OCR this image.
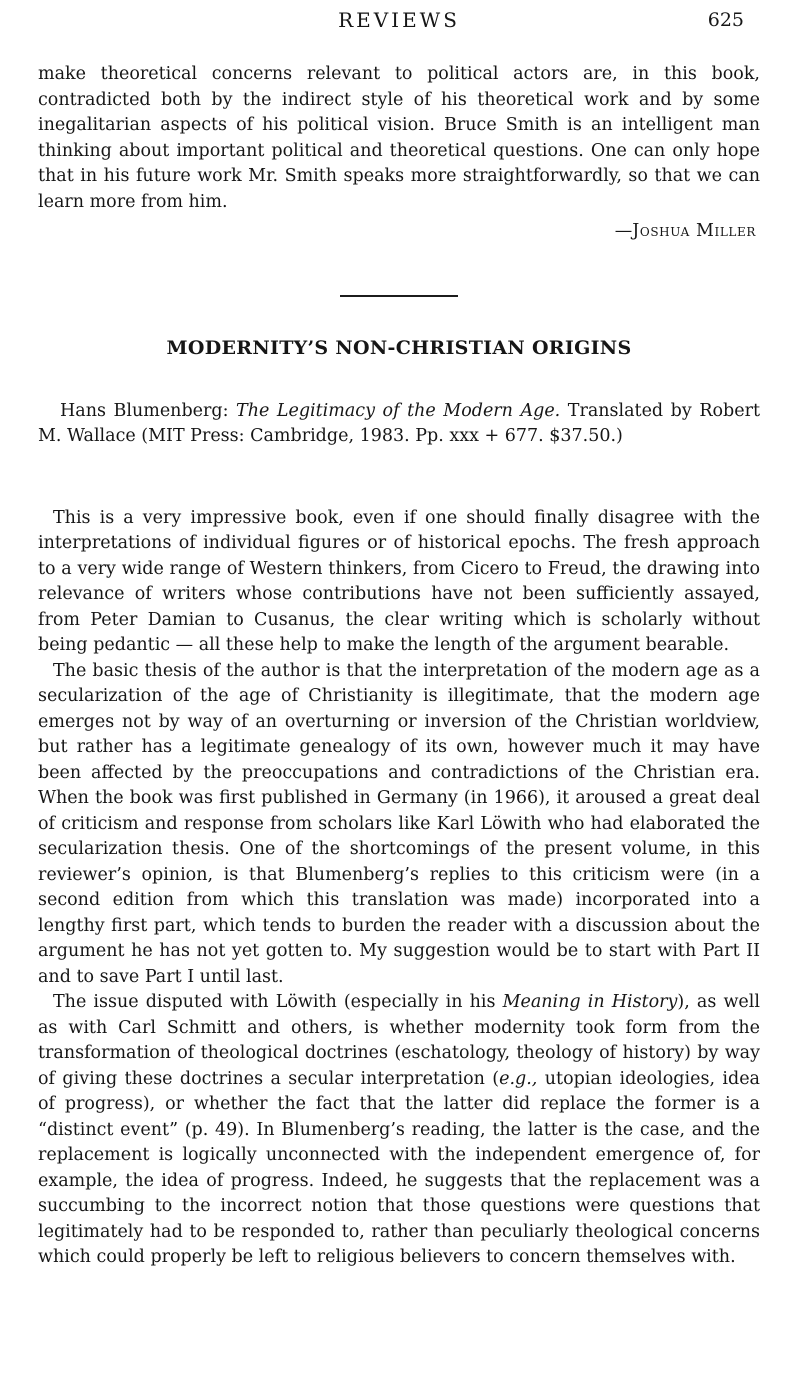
REVIEWS	625

make theoretical concerns relevant to political actors are, in this book, contradicted both by the indirect style of his theoretical work and by some inegalitarian aspects of his political vision. Bruce Smith is an intelligent man thinking about important political and theoretical questions. One can only hope that in his future work Mr. Smith speaks more straightforwardly, so that we can learn more from him.

—Joshua Miller

MODERNITY’S NON-CHRISTIAN ORIGINS

Hans Blumenberg: The Legitimacy of the Modern Age. Translated by Robert M. Wallace (MIT Press: Cambridge, 1983. Pp. xxx + 677. $37.50.)

This is a very impressive book, even if one should finally disagree with the interpretations of individual figures or of historical epochs. The fresh approach to a very wide range of Western thinkers, from Cicero to Freud, the drawing into relevance of writers whose contributions have not been sufficiently assayed, from Peter Damian to Cusanus, the clear writing which is scholarly without being pedantic — all these help to make the length of the argument bearable.

The basic thesis of the author is that the interpretation of the modern age as a secularization of the age of Christianity is illegitimate, that the modern age emerges not by way of an overturning or inversion of the Christian worldview, but rather has a legitimate genealogy of its own, however much it may have been affected by the preoccupations and contradictions of the Christian era. When the book was first published in Germany (in 1966), it aroused a great deal of criticism and response from scholars like Karl Löwith who had elaborated the secularization thesis. One of the shortcomings of the present volume, in this reviewer’s opinion, is that Blumenberg’s replies to this criticism were (in a second edition from which this translation was made) incorporated into a lengthy first part, which tends to burden the reader with a discussion about the argument he has not yet gotten to. My suggestion would be to start with Part II and to save Part I until last.

The issue disputed with Löwith (especially in his Meaning in History), as well as with Carl Schmitt and others, is whether modernity took form from the transformation of theological doctrines (eschatology, theology of history) by way of giving these doctrines a secular interpretation (e.g., utopian ideologies, idea of progress), or whether the fact that the latter did replace the former is a “distinct event” (p. 49). In Blumenberg’s reading, the latter is the case, and the replacement is logically unconnected with the independent emergence of, for example, the idea of progress. Indeed, he suggests that the replacement was a succumbing to the incorrect notion that those questions were questions that legitimately had to be responded to, rather than peculiarly theological concerns which could properly be left to religious believers to concern themselves with.
